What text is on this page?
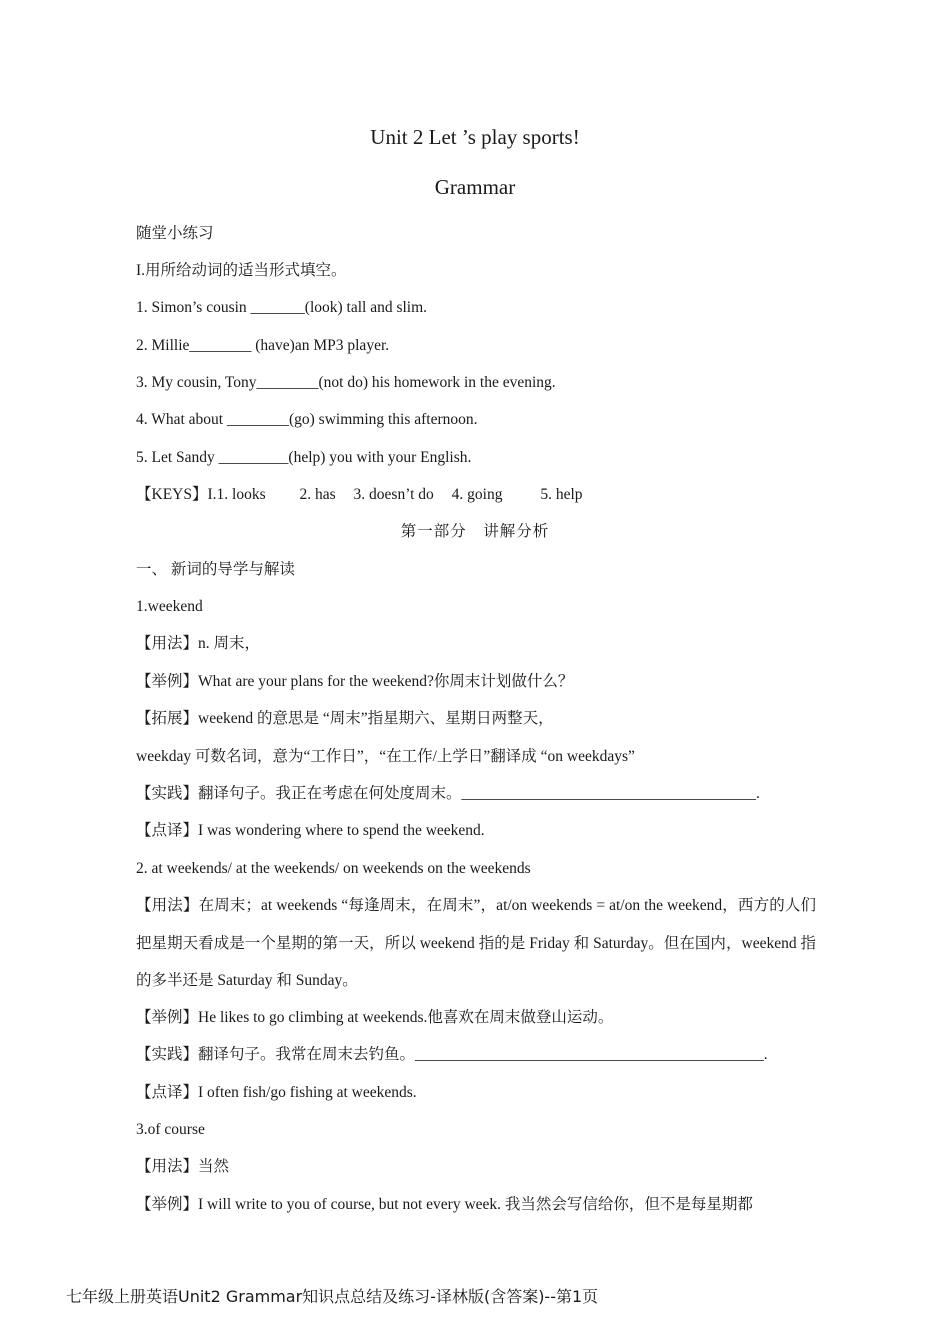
Unit 2 Let ’s play sports!
Grammar
随堂小练习
I.用所给动词的适当形式填空。
1. Simon’s cousin _______(look) tall and slim.
2. Millie________ (have)an MP3 player.
3. My cousin, Tony________(not do) his homework in the evening.
4. What about ________(go) swimming this afternoon.
5. Let Sandy _________(help) you with your English.
【KEYS】I.1. looks 2. has 3. doesn’t do 4. going 5. help
第一部分　讲解分析
一、 新词的导学与解读
1.weekend
【用法】n. 周末，
【举例】What are your plans for the weekend?你周末计划做什么？
【拓展】weekend 的意思是 “周末”指星期六、星期日两整天，
weekday 可数名词，意为“工作日”，“在工作/上学日”翻译成 “on weekdays”
【实践】翻译句子。我正在考虑在何处度周末。______________________________________.
【点译】I was wondering where to spend the weekend.
2. at weekends/ at the weekends/ on weekends on the weekends
【用法】在周末；at weekends “每逢周末，在周末”，at/on weekends = at/on the weekend，西方的人们把星期天看成是一个星期的第一天，所以 weekend 指的是 Friday 和 Saturday。但在国内，weekend 指的多半还是 Saturday 和 Sunday。
【举例】He likes to go climbing at weekends.他喜欢在周末做登山运动。
【实践】翻译句子。我常在周末去钓鱼。_____________________________________________.
【点译】I often fish/go fishing at weekends.
3.of course
【用法】当然
【举例】I will write to you of course, but not every week. 我当然会写信给你，但不是每星期都
七年级上册英语Unit2 Grammar知识点总结及练习-译林版(含答案)--第1页
